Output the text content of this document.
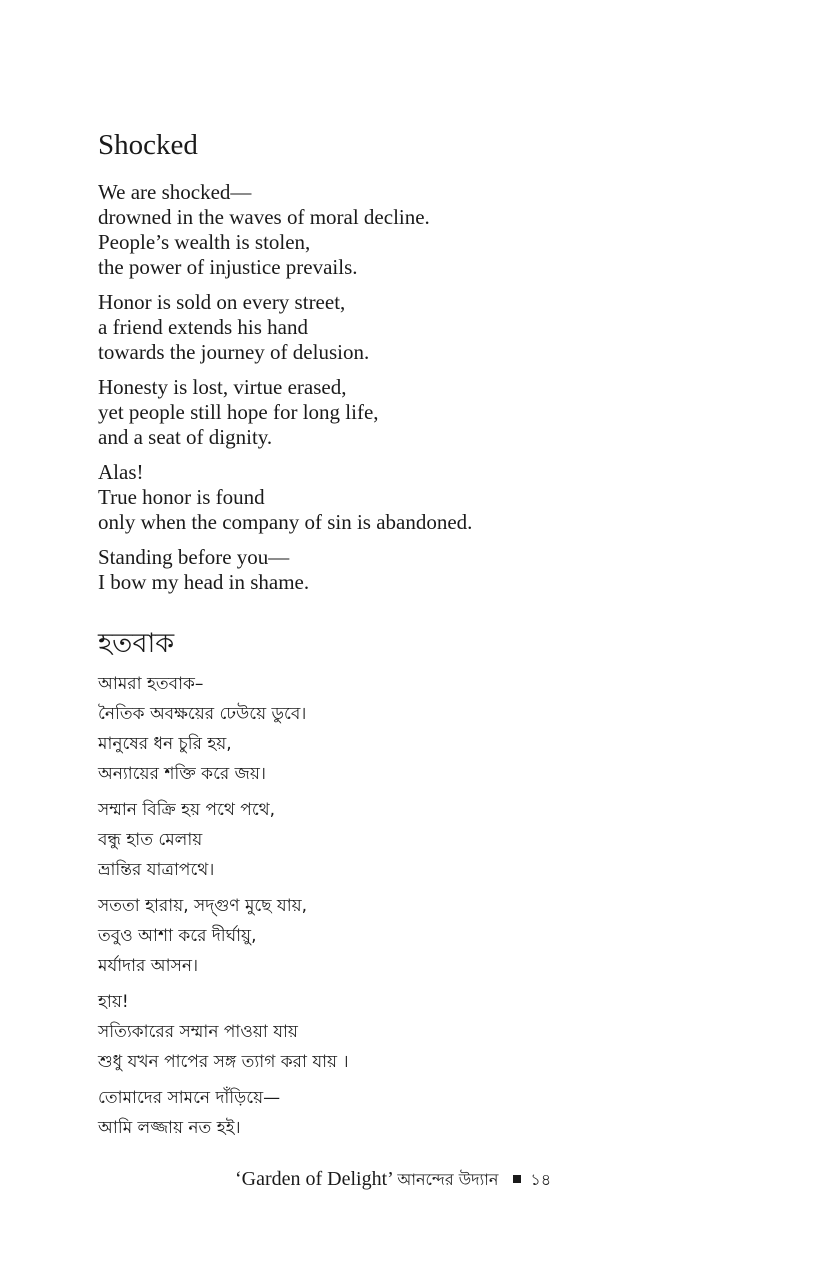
Shocked
We are shocked—
drowned in the waves of moral decline.
People’s wealth is stolen,
the power of injustice prevails.
Honor is sold on every street,
a friend extends his hand
towards the journey of delusion.
Honesty is lost, virtue erased,
yet people still hope for long life,
and a seat of dignity.
Alas!
True honor is found
only when the company of sin is abandoned.
Standing before you—
I bow my head in shame.
হতবাক
আমরা হতবাক–
নৈতিক অবক্ষয়ের ঢেউয়ে ডুবে।
মানুষের ধন চুরি হয়,
অন্যায়ের শক্তি করে জয়।
সম্মান বিক্রি হয় পথে পথে,
বন্ধু হাত মেলায়
ভ্রান্তির যাত্রাপথে।
সততা হারায়, সদ্গুণ মুছে যায়,
তবুও আশা করে দীর্ঘায়ু,
মর্যাদার আসন।
হায়!
সত্যিকারের সম্মান পাওয়া যায়
শুধু যখন পাপের সঙ্গ ত্যাগ করা যায় ।
তোমাদের সামনে দাঁড়িয়ে—
আমি লজ্জায় নত হই।
‘Garden of Delight’ আনন্দের উদ্যান ১৪
